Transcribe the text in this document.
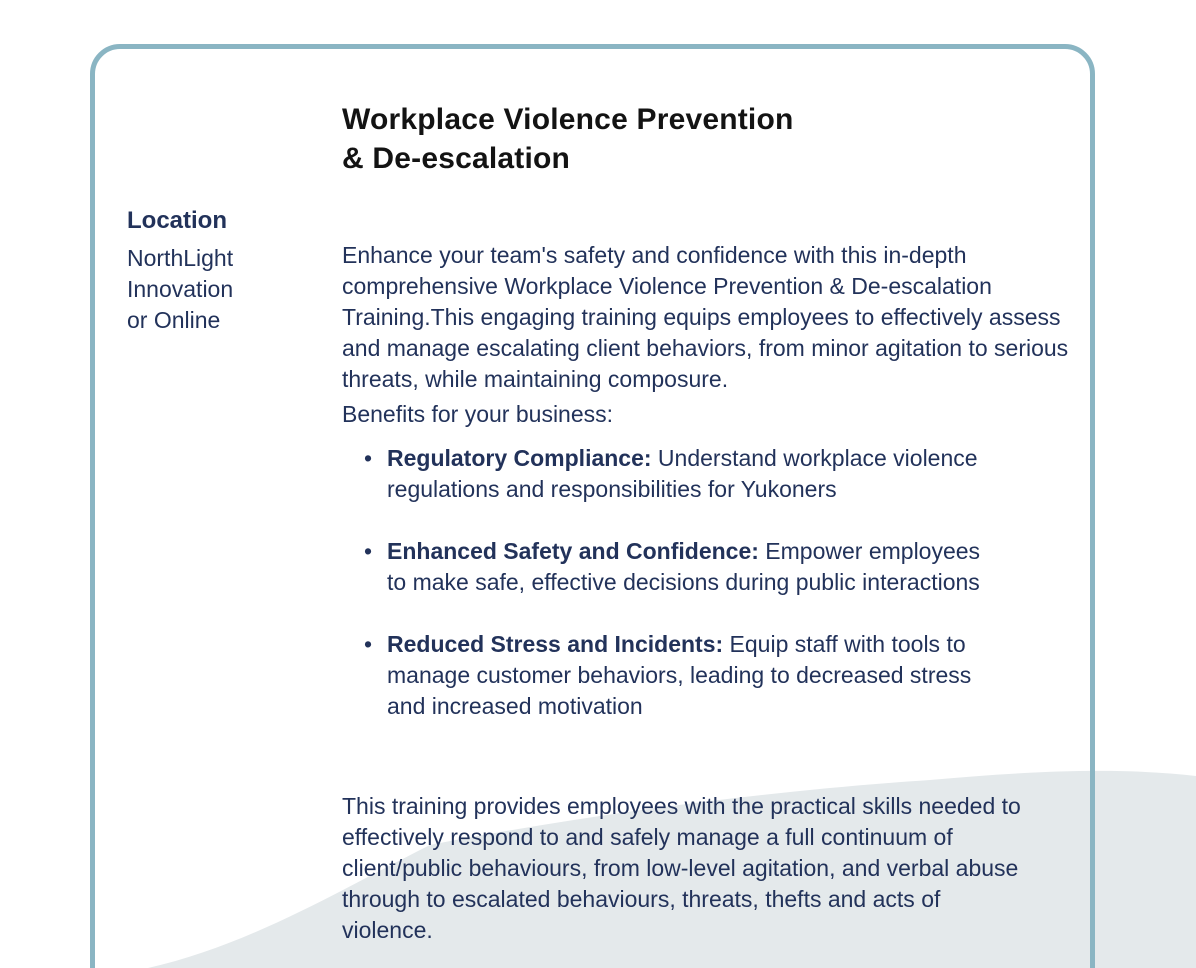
Workplace Violence Prevention
& De-escalation
Location
NorthLight
Innovation
or Online

Enhance your team's safety and confidence with this in-depth comprehensive Workplace Violence Prevention & De-escalation Training.This engaging training equips employees to effectively assess and manage escalating client behaviors, from minor agitation to serious threats, while maintaining composure.

Benefits for your business:
• Regulatory Compliance: Understand workplace violence regulations and responsibilities for Yukoners
• Enhanced Safety and Confidence: Empower employees to make safe, effective decisions during public interactions
• Reduced Stress and Incidents: Equip staff with tools to manage customer behaviors, leading to decreased stress and increased motivation

This training provides employees with the practical skills needed to effectively respond to and safely manage a full continuum of client/public behaviours, from low-level agitation, and verbal abuse through to escalated behaviours, threats, thefts and acts of violence.
